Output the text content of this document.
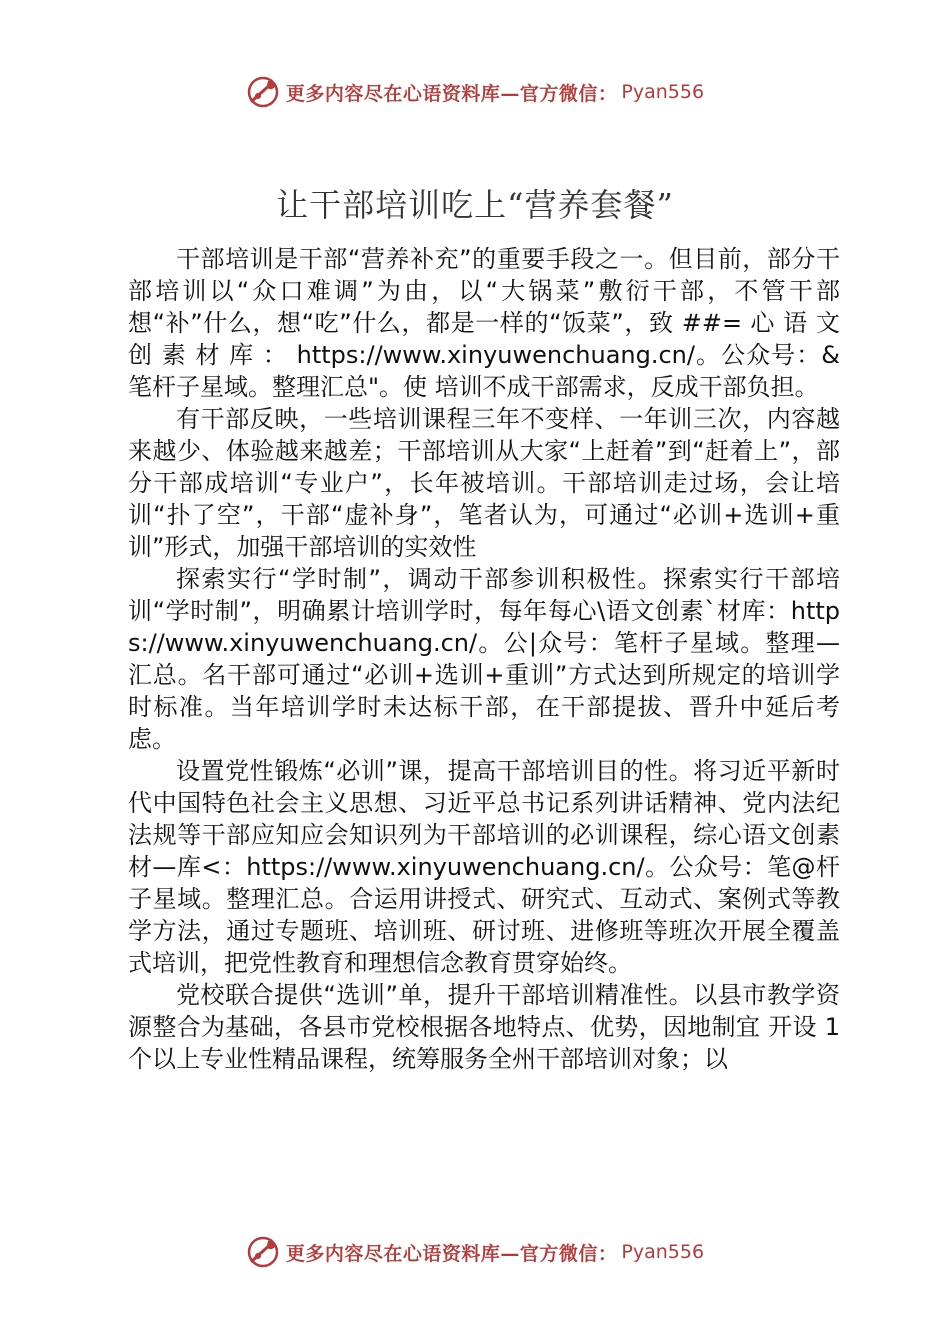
更多内容尽在心语资料库—官方微信： Pyan556
让干部培训吃上“营养套餐”

干部培训是干部“营养补充”的重要手段之一。但目前，部分干部培训以“众口难调”为由，以“大锅菜”敷衍干部，不管干部想“补”什么，想“吃”什么，都是一样的“饭菜”，致 ##= 心 语 文 创 素 材 库 ： https://www.xinyuwenchuang.cn/。公众号：&笔杆子星域。整理汇总"。使 培训不成干部需求，反成干部负担。

有干部反映，一些培训课程三年不变样、一年训三次，内容越来越少、体验越来越差；干部培训从大家“上赶着”到“赶着上”，部分干部成培训“专业户”，长年被培训。干部培训走过场，会让培训“扑了空”，干部“虚补身”，笔者认为，可通过“必训+选训+重训”形式，加强干部培训的实效性

探索实行“学时制”，调动干部参训积极性。探索实行干部培训“学时制”，明确累计培训学时，每年每心\语文创素`材库：https://www.xinyuwenchuang.cn/。公|众号：笔杆子星域。整理—汇总。名干部可通过“必训+选训+重训”方式达到所规定的培训学时标准。当年培训学时未达标干部，在干部提拔、晋升中延后考虑。

设置党性锻炼“必训”课，提高干部培训目的性。将习近平新时代中国特色社会主义思想、习近平总书记系列讲话精神、党内法纪法规等干部应知应会知识列为干部培训的必训课程，综心语文创素材—库<：https://www.xinyuwenchuang.cn/。公众号：笔@杆子星域。整理汇总。合运用讲授式、研究式、互动式、案例式等教学方法，通过专题班、培训班、研讨班、进修班等班次开展全覆盖式培训，把党性教育和理想信念教育贯穿始终。

党校联合提供“选训”单，提升干部培训精准性。以县市教学资源整合为基础，各县市党校根据各地特点、优势，因地制宜 开设 1 个以上专业性精品课程，统筹服务全州干部培训对象；以

更多内容尽在心语资料库—官方微信： Pyan556
